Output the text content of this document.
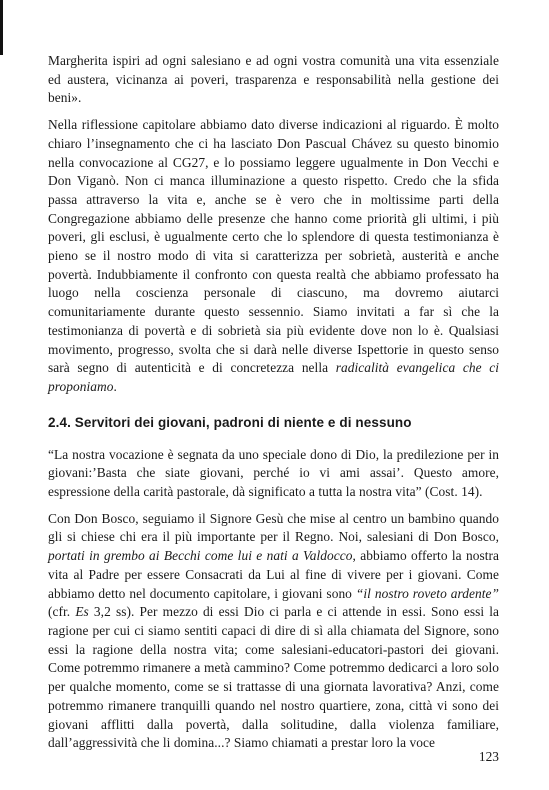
Margherita ispiri ad ogni salesiano e ad ogni vostra comunità una vita essenziale ed austera, vicinanza ai poveri, trasparenza e responsabilità nella gestione dei beni».

Nella riflessione capitolare abbiamo dato diverse indicazioni al riguardo. È molto chiaro l’insegnamento che ci ha lasciato Don Pascual Chávez su questo binomio nella convocazione al CG27, e lo possiamo leggere ugualmente in Don Vecchi e Don Viganò. Non ci manca illuminazione a questo rispetto. Credo che la sfida passa attraverso la vita e, anche se è vero che in moltissime parti della Congregazione abbiamo delle presenze che hanno come priorità gli ultimi, i più poveri, gli esclusi, è ugualmente certo che lo splendore di questa testimonianza è pieno se il nostro modo di vita si caratterizza per sobrietà, austerità e anche povertà. Indubbiamente il confronto con questa realtà che abbiamo professato ha luogo nella coscienza personale di ciascuno, ma dovremo aiutarci comunitariamente durante questo sessennio. Siamo invitati a far sì che la testimonianza di povertà e di sobrietà sia più evidente dove non lo è. Qualsiasi movimento, progresso, svolta che si darà nelle diverse Ispettorie in questo senso sarà segno di autenticità e di concretezza nella radicalità evangelica che ci proponiamo.

2.4. Servitori dei giovani, padroni di niente e di nessuno

“La nostra vocazione è segnata da uno speciale dono di Dio, la predilezione per in giovani:’Basta che siate giovani, perché io vi ami assai’. Questo amore, espressione della carità pastorale, dà significato a tutta la nostra vita” (Cost. 14).

Con Don Bosco, seguiamo il Signore Gesù che mise al centro un bambino quando gli si chiese chi era il più importante per il Regno. Noi, salesiani di Don Bosco, portati in grembo ai Becchi come lui e nati a Valdocco, abbiamo offerto la nostra vita al Padre per essere Consacrati da Lui al fine di vivere per i giovani. Come abbiamo detto nel documento capitolare, i giovani sono “il nostro roveto ardente” (cfr. Es 3,2 ss). Per mezzo di essi Dio ci parla e ci attende in essi. Sono essi la ragione per cui ci siamo sentiti capaci di dire di sì alla chiamata del Signore, sono essi la ragione della nostra vita; come salesiani-educatori-pastori dei giovani. Come potremmo rimanere a metà cammino? Come potremmo dedicarci a loro solo per qualche momento, come se si trattasse di una giornata lavorativa? Anzi, come potremmo rimanere tranquilli quando nel nostro quartiere, zona, città vi sono dei giovani afflitti dalla povertà, dalla solitudine, dalla violenza familiare, dall’aggressività che li domina...? Siamo chiamati a prestar loro la voce

123
